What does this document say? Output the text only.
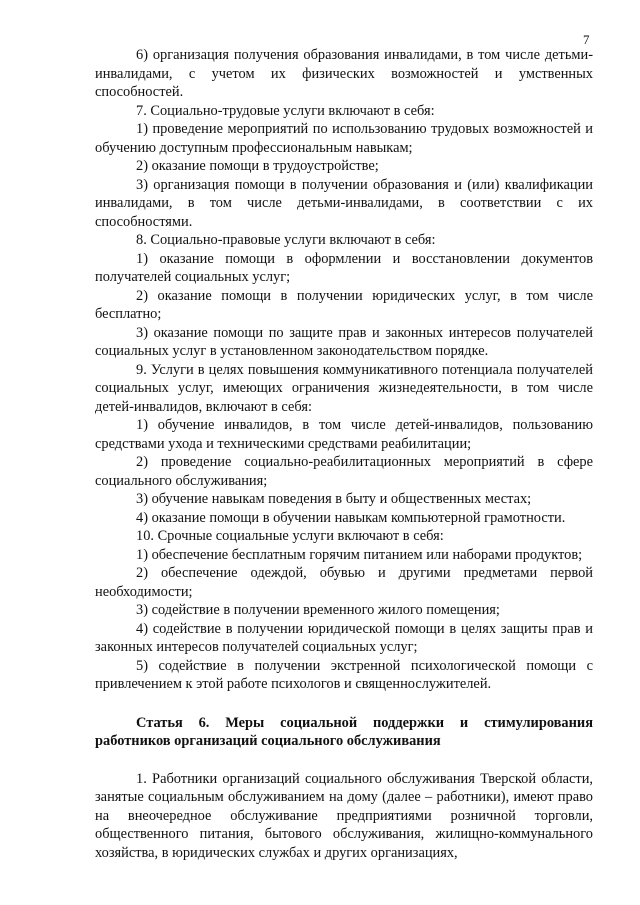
7

6) организация получения образования инвалидами, в том числе детьми-инвалидами, с учетом их физических возможностей и умственных способностей.

7. Социально-трудовые услуги включают в себя:

1) проведение мероприятий по использованию трудовых возможностей и обучению доступным профессиональным навыкам;

2) оказание помощи в трудоустройстве;

3) организация помощи в получении образования и (или) квалификации инвалидами, в том числе детьми-инвалидами, в соответствии с их способностями.

8. Социально-правовые услуги включают в себя:

1) оказание помощи в оформлении и восстановлении документов получателей социальных услуг;

2) оказание помощи в получении юридических услуг, в том числе бесплатно;

3) оказание помощи по защите прав и законных интересов получателей социальных услуг в установленном законодательством порядке.

9. Услуги в целях повышения коммуникативного потенциала получателей социальных услуг, имеющих ограничения жизнедеятельности, в том числе детей-инвалидов, включают в себя:

1) обучение инвалидов, в том числе детей-инвалидов, пользованию средствами ухода и техническими средствами реабилитации;

2) проведение социально-реабилитационных мероприятий в сфере социального обслуживания;

3) обучение навыкам поведения в быту и общественных местах;

4) оказание помощи в обучении навыкам компьютерной грамотности.

10. Срочные социальные услуги включают в себя:

1) обеспечение бесплатным горячим питанием или наборами продуктов;

2) обеспечение одеждой, обувью и другими предметами первой необходимости;

3) содействие в получении временного жилого помещения;

4) содействие в получении юридической помощи в целях защиты прав и законных интересов получателей социальных услуг;

5) содействие в получении экстренной психологической помощи с привлечением к этой работе психологов и священнослужителей.

Статья 6. Меры социальной поддержки и стимулирования работников организаций социального обслуживания

1. Работники организаций социального обслуживания Тверской области, занятые социальным обслуживанием на дому (далее – работники), имеют право на внеочередное обслуживание предприятиями розничной торговли, общественного питания, бытового обслуживания, жилищно-коммунального хозяйства, в юридических службах и других организациях,
